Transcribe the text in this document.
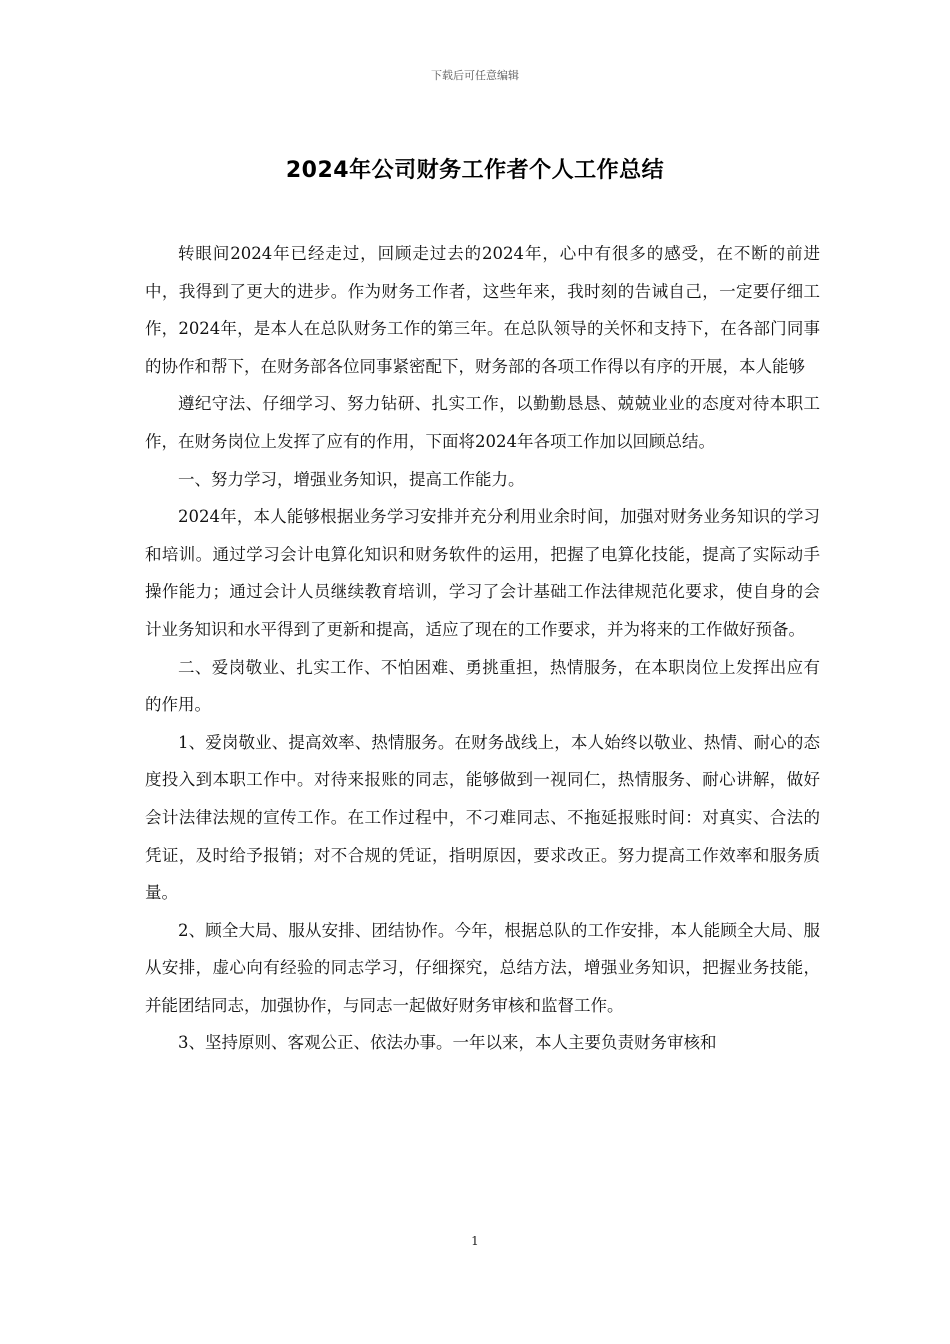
下载后可任意编辑
2024年公司财务工作者个人工作总结

转眼间2024年已经走过，回顾走过去的2024年，心中有很多的感受，在不断的前进中，我得到了更大的进步。作为财务工作者，这些年来，我时刻的告诫自己，一定要仔细工作，2024年，是本人在总队财务工作的第三年。在总队领导的关怀和支持下，在各部门同事的协作和帮下，在财务部各位同事紧密配下，财务部的各项工作得以有序的开展，本人能够

遵纪守法、仔细学习、努力钻研、扎实工作，以勤勤恳恳、兢兢业业的态度对待本职工作，在财务岗位上发挥了应有的作用，下面将2024年各项工作加以回顾总结。

一、努力学习，增强业务知识，提高工作能力。

2024年，本人能够根据业务学习安排并充分利用业余时间，加强对财务业务知识的学习和培训。通过学习会计电算化知识和财务软件的运用，把握了电算化技能，提高了实际动手操作能力；通过会计人员继续教育培训，学习了会计基础工作法律规范化要求，使自身的会计业务知识和水平得到了更新和提高，适应了现在的工作要求，并为将来的工作做好预备。

二、爱岗敬业、扎实工作、不怕困难、勇挑重担，热情服务，在本职岗位上发挥出应有的作用。

1、爱岗敬业、提高效率、热情服务。在财务战线上，本人始终以敬业、热情、耐心的态度投入到本职工作中。对待来报账的同志，能够做到一视同仁，热情服务、耐心讲解，做好会计法律法规的宣传工作。在工作过程中，不刁难同志、不拖延报账时间：对真实、合法的凭证，及时给予报销；对不合规的凭证，指明原因，要求改正。努力提高工作效率和服务质量。

2、顾全大局、服从安排、团结协作。今年，根据总队的工作安排，本人能顾全大局、服从安排，虚心向有经验的同志学习，仔细探究，总结方法，增强业务知识，把握业务技能，并能团结同志，加强协作，与同志一起做好财务审核和监督工作。

3、坚持原则、客观公正、依法办事。一年以来，本人主要负责财务审核和

1
